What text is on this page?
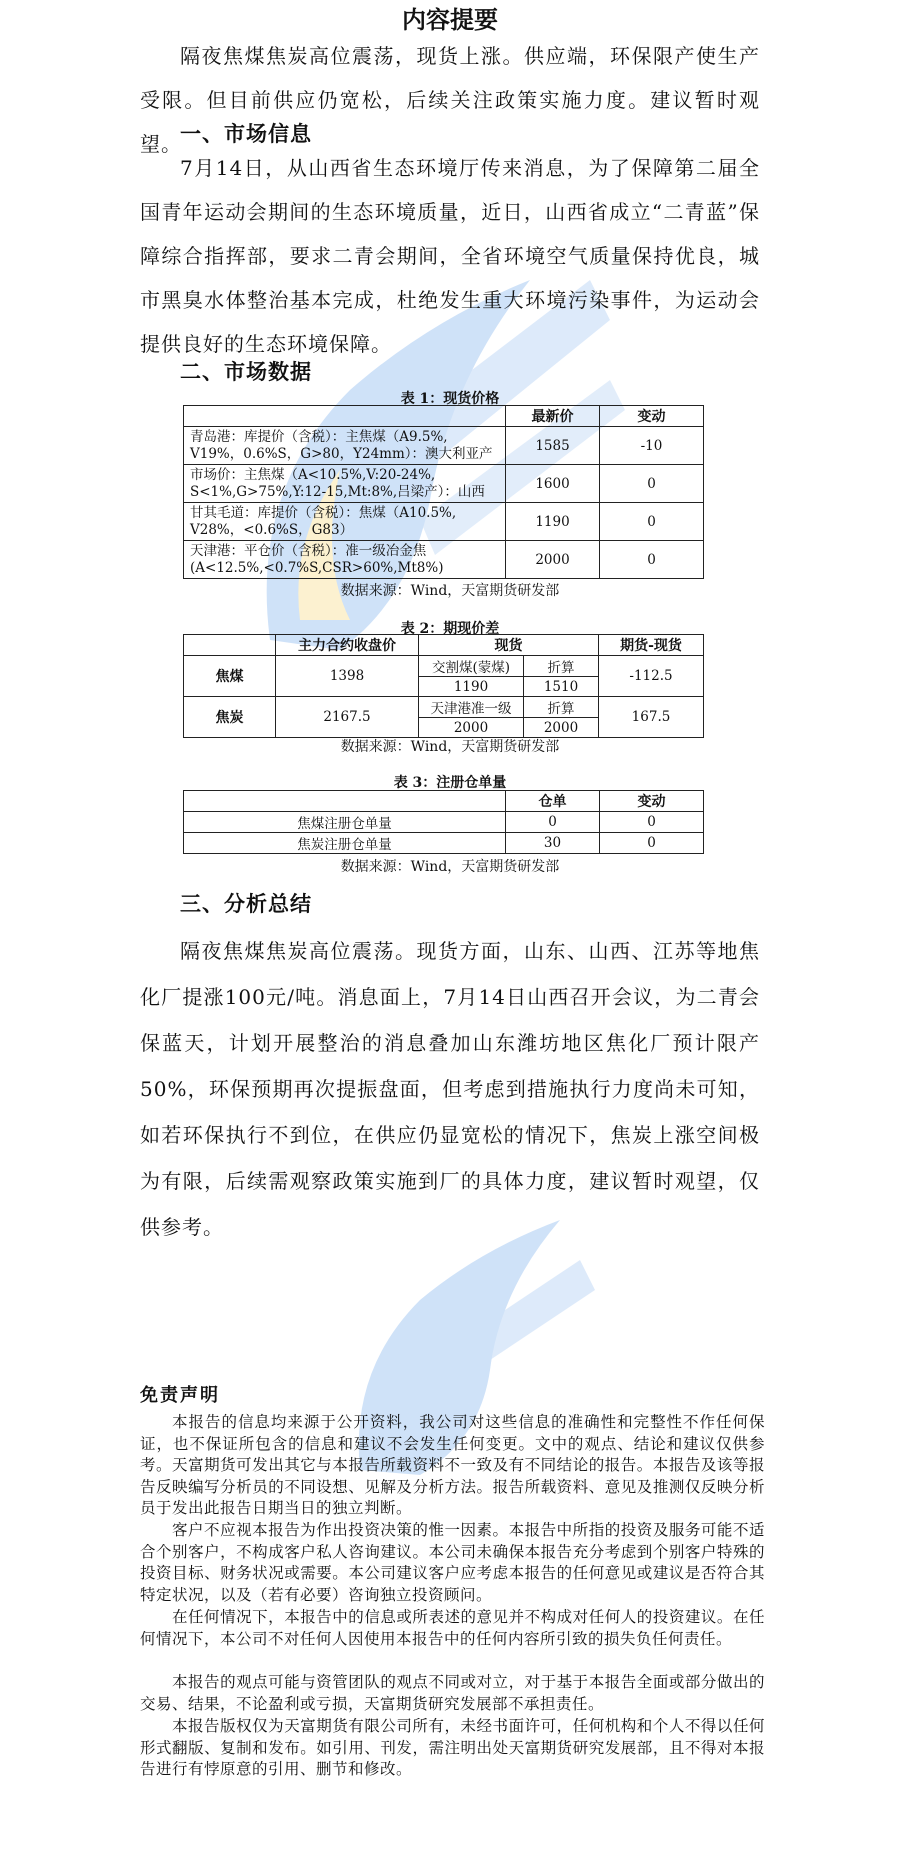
内容提要

隔夜焦煤焦炭高位震荡，现货上涨。供应端，环保限产使生产受限。但目前供应仍宽松，后续关注政策实施力度。建议暂时观望。

一、市场信息

7月14日，从山西省生态环境厅传来消息，为了保障第二届全国青年运动会期间的生态环境质量，近日，山西省成立“二青蓝”保障综合指挥部，要求二青会期间，全省环境空气质量保持优良，城市黑臭水体整治基本完成，杜绝发生重大环境污染事件，为运动会提供良好的生态环境保障。

二、市场数据
表 1：现货价格
	最新价	变动
青岛港：库提价（含税）：主焦煤（A9.5%,
V19%，0.6%S，G>80，Y24mm）：澳大利亚产	1585	-10
市场价：主焦煤（A<10.5%,V:20-24%,
S<1%,G>75%,Y:12-15,Mt:8%,吕梁产）：山西	1600	0
甘其毛道：库提价（含税）：焦煤（A10.5%,
V28%，<0.6%S，G83）	1190	0
天津港：平仓价（含税）：准一级冶金焦
(A<12.5%,<0.7%S,CSR>60%,Mt8%)	2000	0
数据来源：Wind，天富期货研发部
表 2：期现价差
	主力合约收盘价	现货		期货-现货
焦煤	1398	交割煤(蒙煤)	折算	-112.5
		1190	1510	
焦炭	2167.5	天津港准一级	折算	167.5
		2000	2000	
数据来源：Wind，天富期货研发部
表 3：注册仓单量
	仓单	变动
焦煤注册仓单量	0	0
焦炭注册仓单量	30	0
数据来源：Wind，天富期货研发部
三、分析总结

隔夜焦煤焦炭高位震荡。现货方面，山东、山西、江苏等地焦化厂提涨100元/吨。消息面上，7月14日山西召开会议，为二青会保蓝天，计划开展整治的消息叠加山东潍坊地区焦化厂预计限产50%，环保预期再次提振盘面，但考虑到措施执行力度尚未可知，如若环保执行不到位，在供应仍显宽松的情况下，焦炭上涨空间极为有限，后续需观察政策实施到厂的具体力度，建议暂时观望，仅供参考。

免责声明

本报告的信息均来源于公开资料，我公司对这些信息的准确性和完整性不作任何保证，也不保证所包含的信息和建议不会发生任何变更。文中的观点、结论和建议仅供参考。天富期货可发出其它与本报告所载资料不一致及有不同结论的报告。本报告及该等报告反映编写分析员的不同设想、见解及分析方法。报告所载资料、意见及推测仅反映分析员于发出此报告日期当日的独立判断。

客户不应视本报告为作出投资决策的惟一因素。本报告中所指的投资及服务可能不适合个别客户，不构成客户私人咨询建议。本公司未确保本报告充分考虑到个别客户特殊的投资目标、财务状况或需要。本公司建议客户应考虑本报告的任何意见或建议是否符合其特定状况，以及（若有必要）咨询独立投资顾问。

在任何情况下，本报告中的信息或所表述的意见并不构成对任何人的投资建议。在任何情况下，本公司不对任何人因使用本报告中的任何内容所引致的损失负任何责任。

本报告的观点可能与资管团队的观点不同或对立，对于基于本报告全面或部分做出的交易、结果，不论盈利或亏损，天富期货研究发展部不承担责任。

本报告版权仅为天富期货有限公司所有，未经书面许可，任何机构和个人不得以任何形式翻版、复制和发布。如引用、刊发，需注明出处天富期货研究发展部，且不得对本报告进行有悖原意的引用、删节和修改。
